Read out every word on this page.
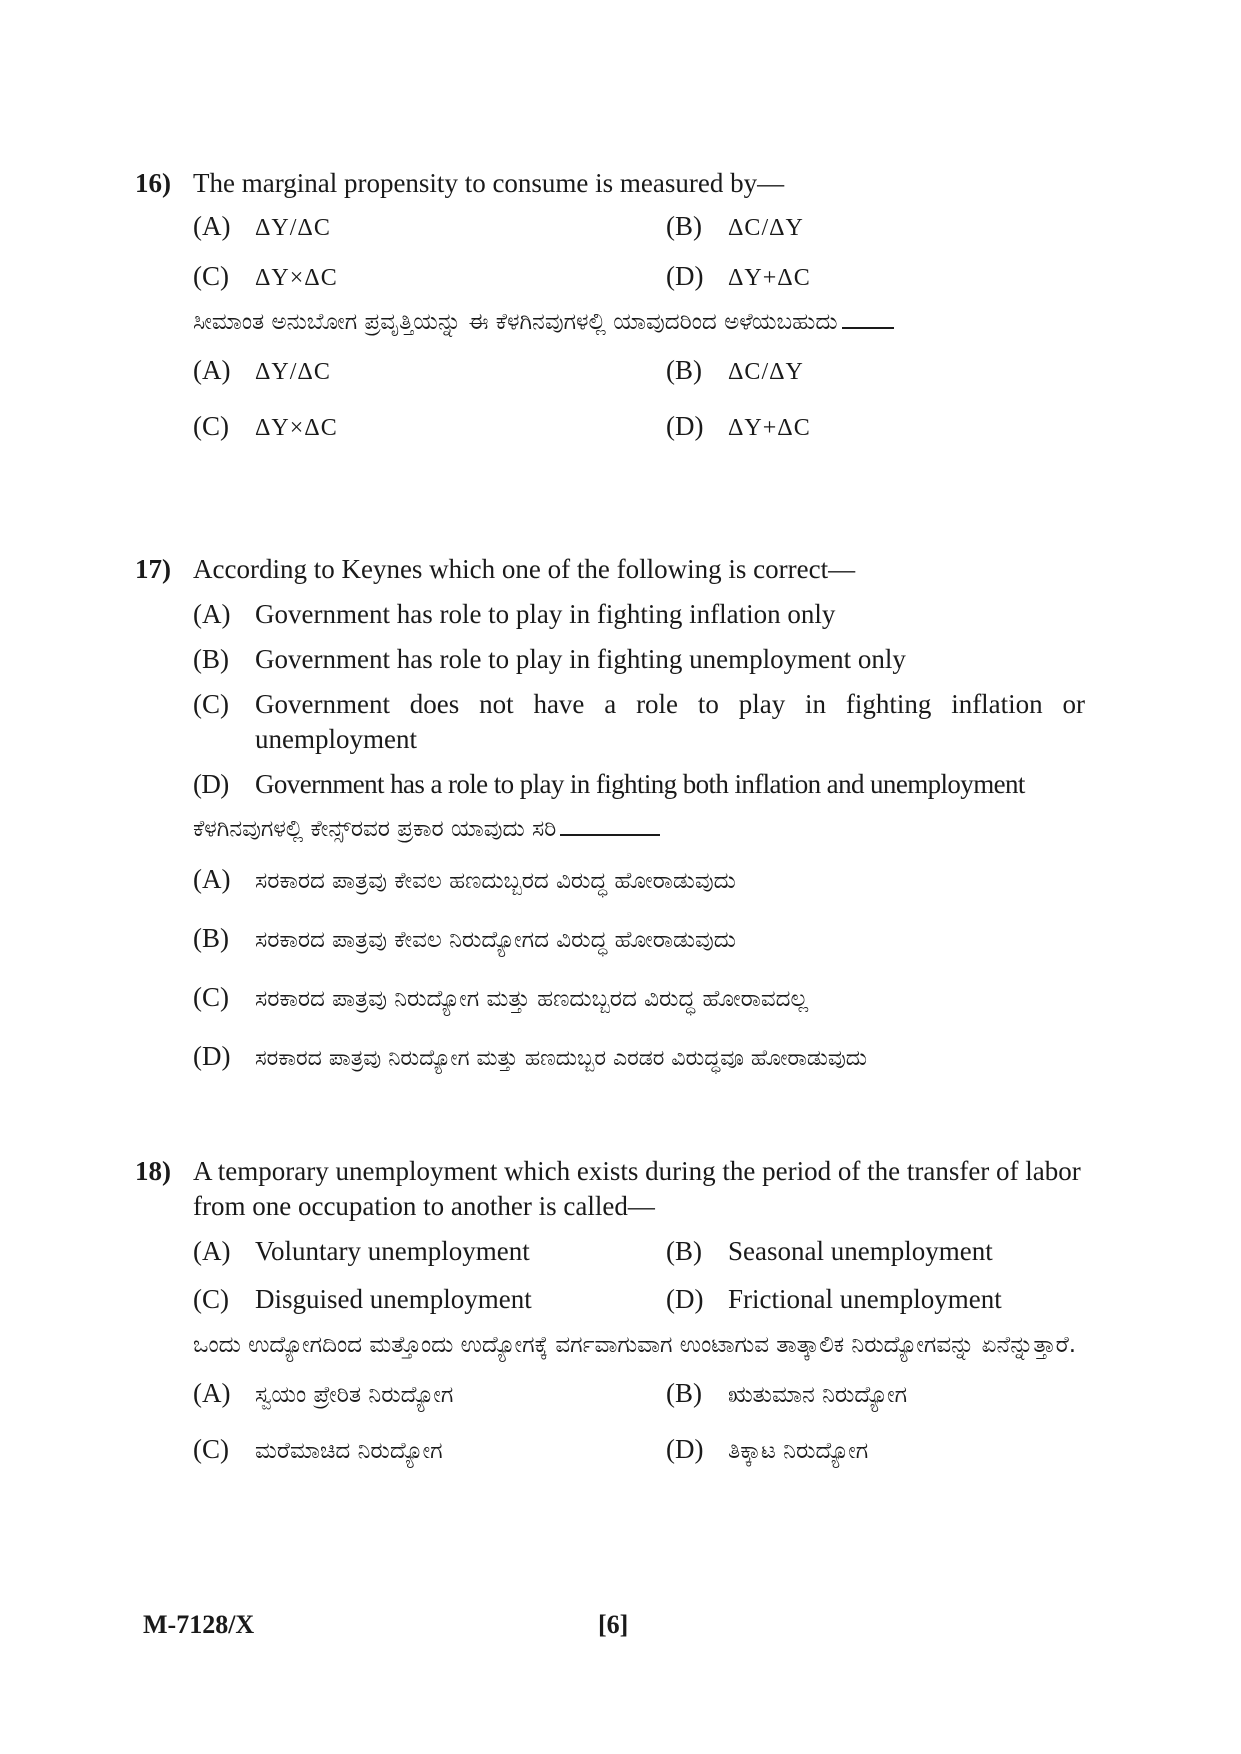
16) The marginal propensity to consume is measured by—
(A)	ΔY/ΔC	(B)	ΔC/ΔY
(C)	ΔY×ΔC	(D)	ΔY+ΔC
ಸೀಮಾಂತ ಅನುಬೋಗ ಪ್ರವೃತ್ತಿಯನ್ನು ಈ ಕೆಳಗಿನವುಗಳಲ್ಲಿ ಯಾವುದರಿಂದ ಅಳೆಯಬಹುದು
(A)	ΔY/ΔC	(B)	ΔC/ΔY
(C)	ΔY×ΔC	(D)	ΔY+ΔC
17) According to Keynes which one of the following is correct—
(A) Government has role to play in fighting inflation only
(B) Government has role to play in fighting unemployment only
(C) Government does not have a role to play in fighting inflation or unemployment
(D) Government has a role to play in fighting both inflation and unemployment
ಕೆಳಗಿನವುಗಳಲ್ಲಿ ಕೇನ್ಸ್‌ರವರ ಪ್ರಕಾರ ಯಾವುದು ಸರಿ
(A)	ಸರಕಾರದ ಪಾತ್ರವು ಕೇವಲ ಹಣದುಬ್ಬರದ ವಿರುದ್ಧ ಹೋರಾಡುವುದು
(B)	ಸರಕಾರದ ಪಾತ್ರವು ಕೇವಲ ನಿರುದ್ಯೋಗದ ವಿರುದ್ಧ ಹೋರಾಡುವುದು
(C)	ಸರಕಾರದ ಪಾತ್ರವು ನಿರುದ್ಯೋಗ ಮತ್ತು ಹಣದುಬ್ಬರದ ವಿರುದ್ಧ ಹೋರಾವದಲ್ಲ
(D)	ಸರಕಾರದ ಪಾತ್ರವು ನಿರುದ್ಯೋಗ ಮತ್ತು ಹಣದುಬ್ಬರ ಎರಡರ ವಿರುದ್ಧವೂ ಹೋರಾಡುವುದು
18) A temporary unemployment which exists during the period of the transfer of labor from one occupation to another is called—
(A) Voluntary unemployment	(B) Seasonal unemployment
(C) Disguised unemployment	(D) Frictional unemployment
ಒಂದು ಉದ್ಯೋಗದಿಂದ ಮತ್ತೊಂದು ಉದ್ಯೋಗಕ್ಕೆ ವರ್ಗವಾಗುವಾಗ ಉಂಟಾಗುವ ತಾತ್ಕಾಲಿಕ ನಿರುದ್ಯೋಗವನ್ನು ಏನೆನ್ನುತ್ತಾರೆ.
(A)	ಸ್ವಯಂ ಪ್ರೇರಿತ ನಿರುದ್ಯೋಗ	(B)	ಋತುಮಾನ ನಿರುದ್ಯೋಗ
(C)	ಮರೆಮಾಚಿದ ನಿರುದ್ಯೋಗ	(D)	ತಿಕ್ಕಾಟ ನಿರುದ್ಯೋಗ
M-7128/X	[6]
